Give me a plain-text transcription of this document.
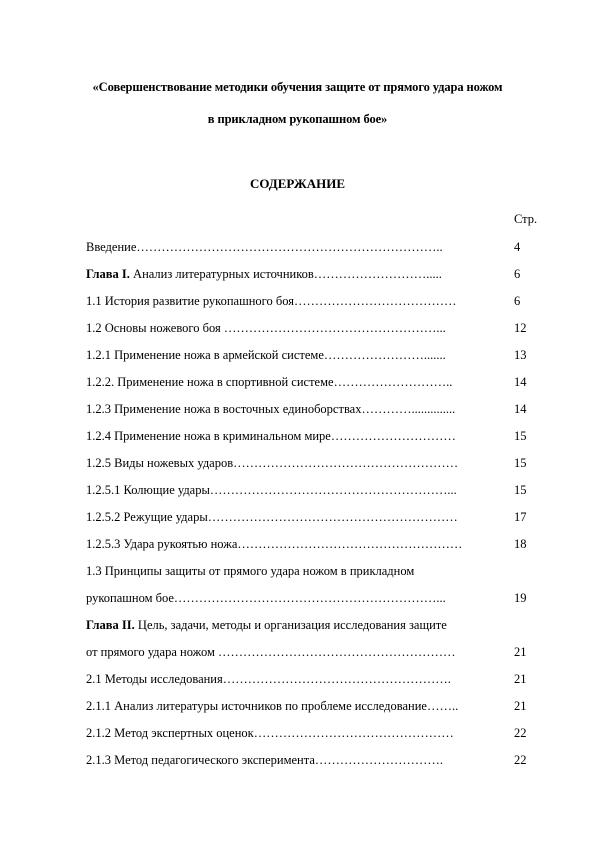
«Совершенствование методики обучения защите от прямого удара ножом
в прикладном рукопашном бое»
СОДЕРЖАНИЕ
Стр.
Введение………………………………………………………………..	4
Глава I. Анализ литературных источников……………………….....	6
1.1 История развитие рукопашного боя…………………………………	6
1.2 Основы ножевого боя ……………………………………………...	12
1.2.1 Применение ножа в армейской системе…………………….......	13
1.2.2. Применение ножа в спортивной системе………………………..	14
1.2.3 Применение ножа в восточных единоборствах…………..............	14
1.2.4 Применение ножа в криминальном мире…………………………	15
1.2.5 Виды ножевых ударов………………………………………………	15
1.2.5.1 Колющие удары…………………………………………………...	15
1.2.5.2 Режущие удары……………………………………………………	17
1.2.5.3 Удара рукоятью ножа………………………………………………	18
1.3 Принципы защиты от прямого удара ножом в прикладном
рукопашном бое………………………………………………………...	19
Глава II. Цель, задачи, методы и организация исследования защите
от прямого удара ножом …………………………………………………	21
2.1 Методы исследования……………………………………………….	21
2.1.1 Анализ литературы источников по проблеме исследование……..	21
2.1.2 Метод экспертных оценок…………………………………………	22
2.1.3 Метод педагогического эксперимента………………………….	22
